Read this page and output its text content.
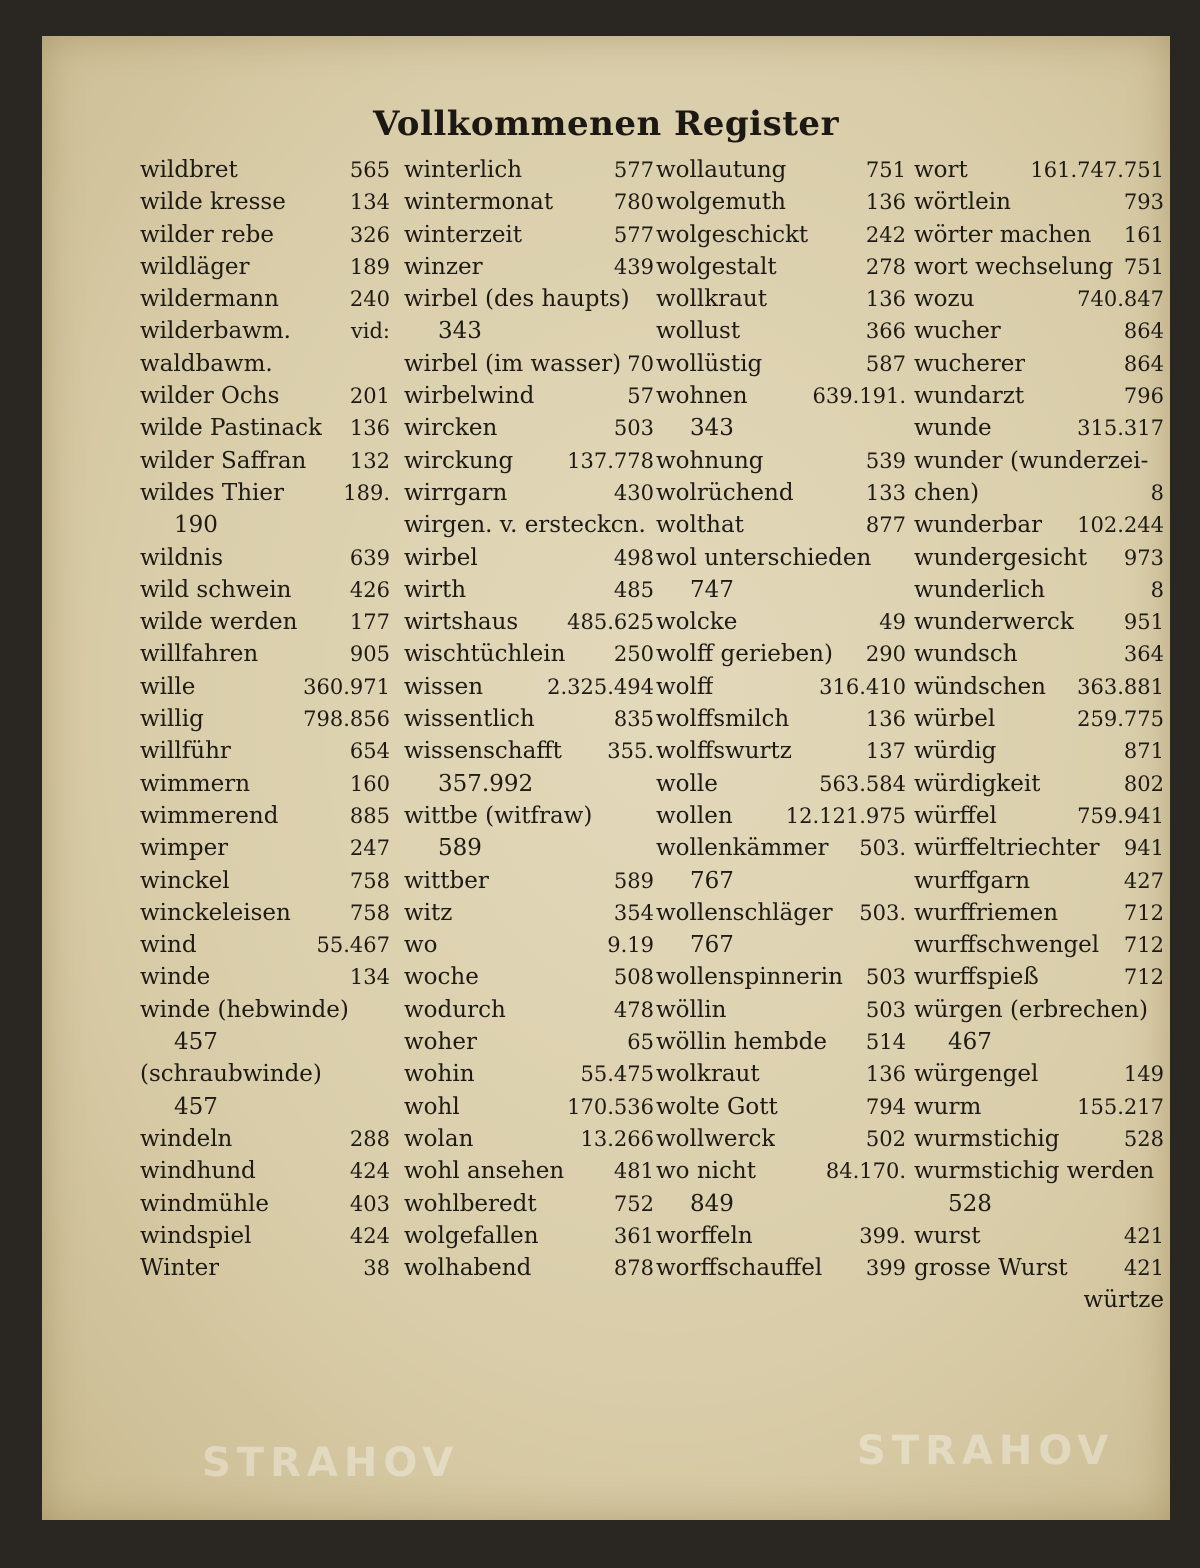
Vollkommenen Register
wildbret	565
wilde kresse	134
wilder rebe	326
wildläger	189
wildermann	240
wilderbawm.	vid:
waldbawm.
wilder Ochs	201
wilde Pastinack 136
wilder Saffran 132
wildes Thier	189.
190
wildnis	639
wild schwein	426
wilde werden 177
willfahren	905
wille	360.971
willig	798.856
willführ	654
wimmern	160
wimmerend	885
wimper	247
winckel	758
winckeleisen	758
wind	55.467
winde	134
winde (hebwinde)
457
(schraubwinde)
457
windeln	288
windhund	424
windmühle	403
windspiel	424
Winter	38
winterlich	577
wintermonat	780
winterzeit	577
winzer	439
wirbel (des haupts)
343
wirbel (im wasser) 70
wirbelwind	57
wircken	503
wirckung	137.778
wirrgarn	430
wirgen. v. ersteckcn.
wirbel	498
wirth	485
wirtshaus 485.625
wischtüchlein 250
wissen	2.325.494
wissentlich	835
wissenschafft 355.
357.992
wittbe (witfraw)
589
wittber	589
witz	354
wo	9.19
woche	508
wodurch	478
woher	65
wohin	55.475
wohl	170.536
wolan	13.266
wohl ansehen 481
wohlberedt	752
wolgefallen	361
wolhabend	878
wollautung	751
wolgemuth	136
wolgeschickt	242
wolgestalt	278
wollkraut	136
wollust	366
wollüstig	587
wohnen	639.191.
343
wohnung	539
wolrüchend	133
wolthat	877
wol unterschieden
747
wolcke	49
wolff gerieben) 290
wolff	316.410
wolffsmilch	136
wolffswurtz	137
wolle	563.584
wollen	12.121.975
wollenkämmer 503.
767
wollenschläger 503.
767
wollenspinnerin 503
wöllin	503
wöllin hembde 514
wolkraut	136
wolte Gott	794
wollwerck	502
wo nicht	84.170.
849
worffeln	399.
worffschauffel 399
wort	161.747.751
wörtlein	793
wörter machen 161
wort wechselung 751
wozu	740.847
wucher	864
wucherer	864
wundarzt	796
wunde	315.317
wunder (wunderzei-
chen)	8
wunderbar 102.244
wundergesicht 973
wunderlich	8
wunderwerck 951
wundsch	364
wündschen 363.881
würbel	259.775
würdig	871
würdigkeit	802
würffel	759.941
würffeltriechter 941
wurffgarn	427
wurffriemen	712
wurffschwengel 712
wurffspieß	712
würgen (erbrechen)
467
würgengel	149
wurm	155.217
wurmstichig	528
wurmstichig werden
528
wurst	421
grosse Wurst	421
würtze
STRAHOV	STRAHOV
